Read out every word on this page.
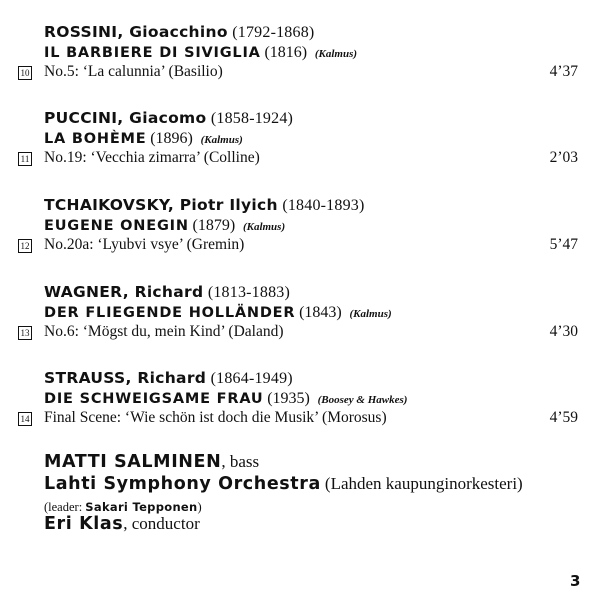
ROSSINI, Gioacchino (1792-1868)
IL BARBIERE DI SIVIGLIA (1816) (Kalmus)
10 No.5: ‘La calunnia’ (Basilio)	4’37
PUCCINI, Giacomo (1858-1924)
LA BOHÈME (1896) (Kalmus)
11 No.19: ‘Vecchia zimarra’ (Colline)	2’03
TCHAIKOVSKY, Piotr Ilyich (1840-1893)
EUGENE ONEGIN (1879) (Kalmus)
12 No.20a: ‘Lyubvi vsye’ (Gremin)	5’47
WAGNER, Richard (1813-1883)
DER FLIEGENDE HOLLÄNDER (1843) (Kalmus)
13 No.6: ‘Mögst du, mein Kind’ (Daland)	4’30
STRAUSS, Richard (1864-1949)
DIE SCHWEIGSAME FRAU (1935) (Boosey & Hawkes)
14 Final Scene: ‘Wie schön ist doch die Musik’ (Morosus)	4’59
MATTI SALMINEN, bass
Lahti Symphony Orchestra (Lahden kaupunginorkesteri)
(leader: Sakari Tepponen)
Eri Klas, conductor
3
